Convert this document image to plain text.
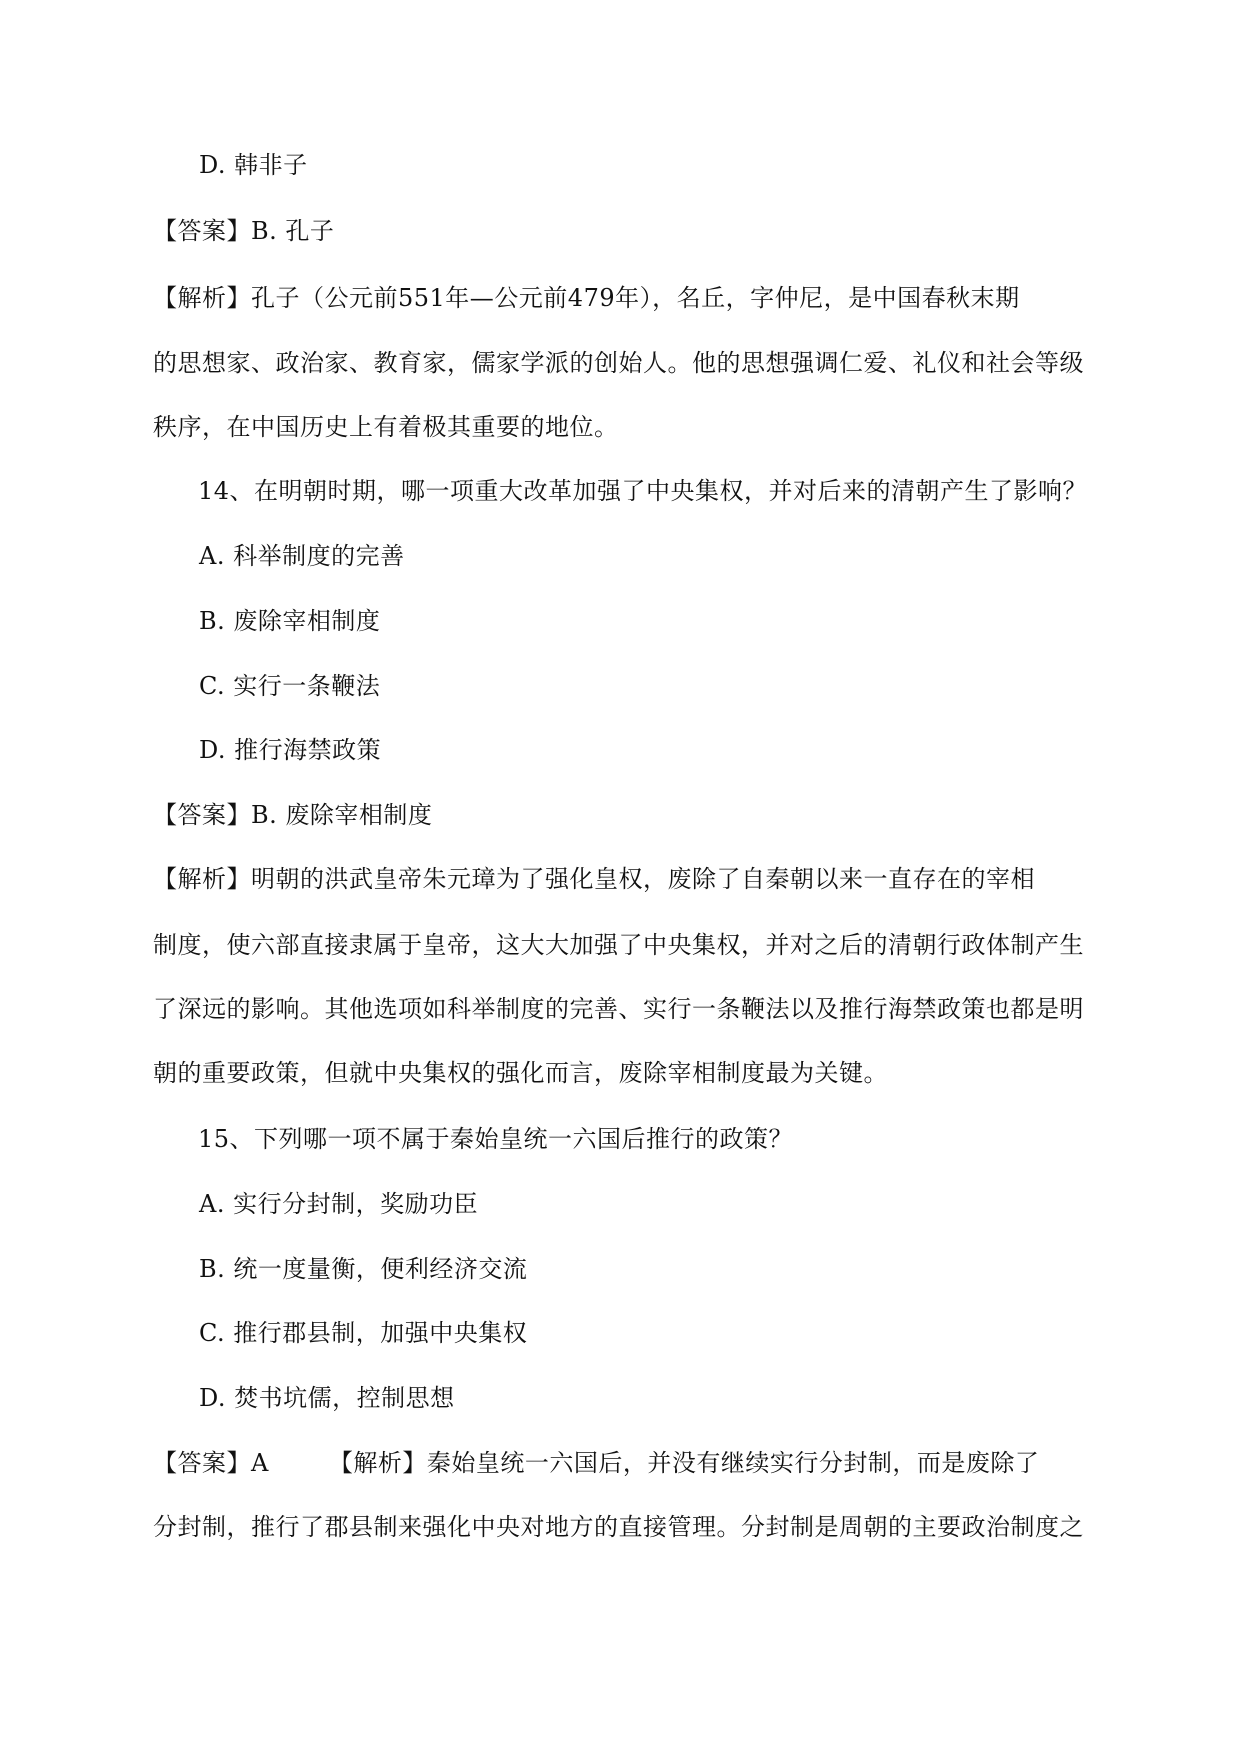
D. 韩非子
【答案】B. 孔子
【解析】孔子（公元前551年—公元前479年），名丘，字仲尼，是中国春秋末期
的思想家、政治家、教育家，儒家学派的创始人。他的思想强调仁爱、礼仪和社会等级
秩序，在中国历史上有着极其重要的地位。
14、在明朝时期，哪一项重大改革加强了中央集权，并对后来的清朝产生了影响？
A. 科举制度的完善
B. 废除宰相制度
C. 实行一条鞭法
D. 推行海禁政策
【答案】B. 废除宰相制度
【解析】明朝的洪武皇帝朱元璋为了强化皇权，废除了自秦朝以来一直存在的宰相
制度，使六部直接隶属于皇帝，这大大加强了中央集权，并对之后的清朝行政体制产生
了深远的影响。其他选项如科举制度的完善、实行一条鞭法以及推行海禁政策也都是明
朝的重要政策，但就中央集权的强化而言，废除宰相制度最为关键。
15、下列哪一项不属于秦始皇统一六国后推行的政策？
A. 实行分封制，奖励功臣
B. 统一度量衡，便利经济交流
C. 推行郡县制，加强中央集权
D. 焚书坑儒，控制思想
【答案】A	【解析】秦始皇统一六国后，并没有继续实行分封制，而是废除了
分封制，推行了郡县制来强化中央对地方的直接管理。分封制是周朝的主要政治制度之
